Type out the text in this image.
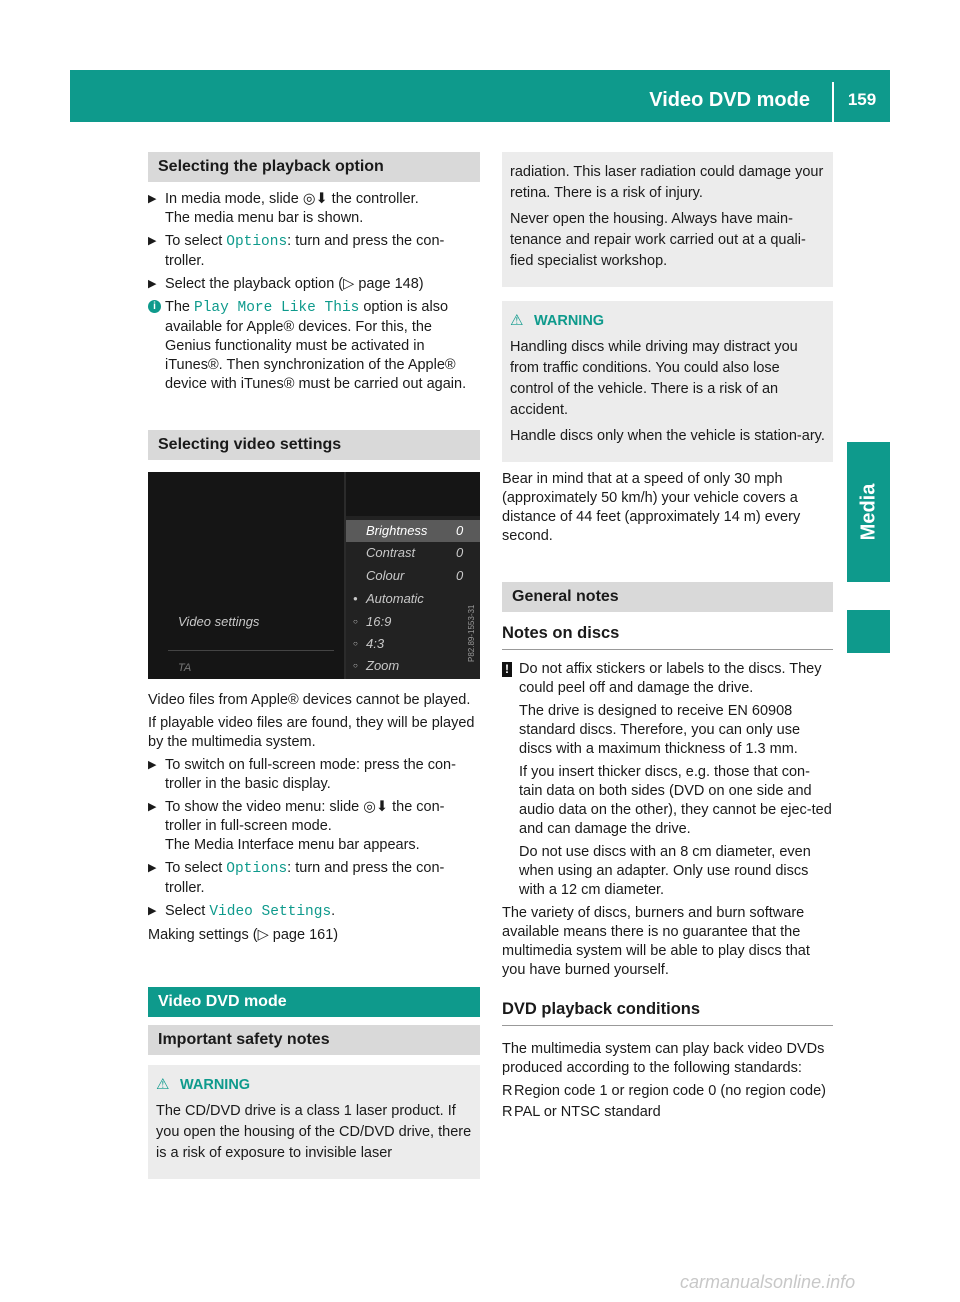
Video DVD mode	159
Media
Selecting the playback option
▶ In media mode, slide ◎⬇ the controller.
The media menu bar is shown.
▶ To select Options: turn and press the con-troller.
▶ Select the playback option (▷ page 148)
i The Play More Like This option is also available for Apple® devices. For this, the Genius functionality must be activated in iTunes®. Then synchronization of the Apple® device with iTunes® must be carried out again.
Selecting video settings
Video settings
TA
Brightness 0
Contrast	0
Colour	0
● Automatic
○ 16:9
○ 4:3
○ Zoom
P82.89-1553-31

Video files from Apple® devices cannot be played.

If playable video files are found, they will be played by the multimedia system.

▶ To switch on full-screen mode: press the con-troller in the basic display.
▶ To show the video menu: slide ◎⬇ the con-troller in full-screen mode.
The Media Interface menu bar appears.
▶ To select Options: turn and press the con-troller.
▶ Select Video Settings.

Making settings (▷ page 161)

Video DVD mode
Important safety notes
⚠ WARNING

The CD/DVD drive is a class 1 laser product. If you open the housing of the CD/DVD drive, there is a risk of exposure to invisible laser

radiation. This laser radiation could damage your retina. There is a risk of injury.

Never open the housing. Always have main-tenance and repair work carried out at a quali-fied specialist workshop.

⚠ WARNING

Handling discs while driving may distract you from traffic conditions. You could also lose control of the vehicle. There is a risk of an accident.

Handle discs only when the vehicle is station-ary.

Bear in mind that at a speed of only 30 mph (approximately 50 km/h) your vehicle covers a distance of 44 feet (approximately 14 m) every second.

General notes
Notes on discs
! Do not affix stickers or labels to the discs. They could peel off and damage the drive.

The drive is designed to receive EN 60908 standard discs. Therefore, you can only use discs with a maximum thickness of 1.3 mm.

If you insert thicker discs, e.g. those that con-tain data on both sides (DVD on one side and audio data on the other), they cannot be ejec-ted and can damage the drive.

Do not use discs with an 8 cm diameter, even when using an adapter. Only use round discs with a 12 cm diameter.

The variety of discs, burners and burn software available means there is no guarantee that the multimedia system will be able to play discs that you have burned yourself.

DVD playback conditions

The multimedia system can play back video DVDs produced according to the following standards:

R Region code 1 or region code 0 (no region code)
R PAL or NTSC standard
carmanualsonline.info
